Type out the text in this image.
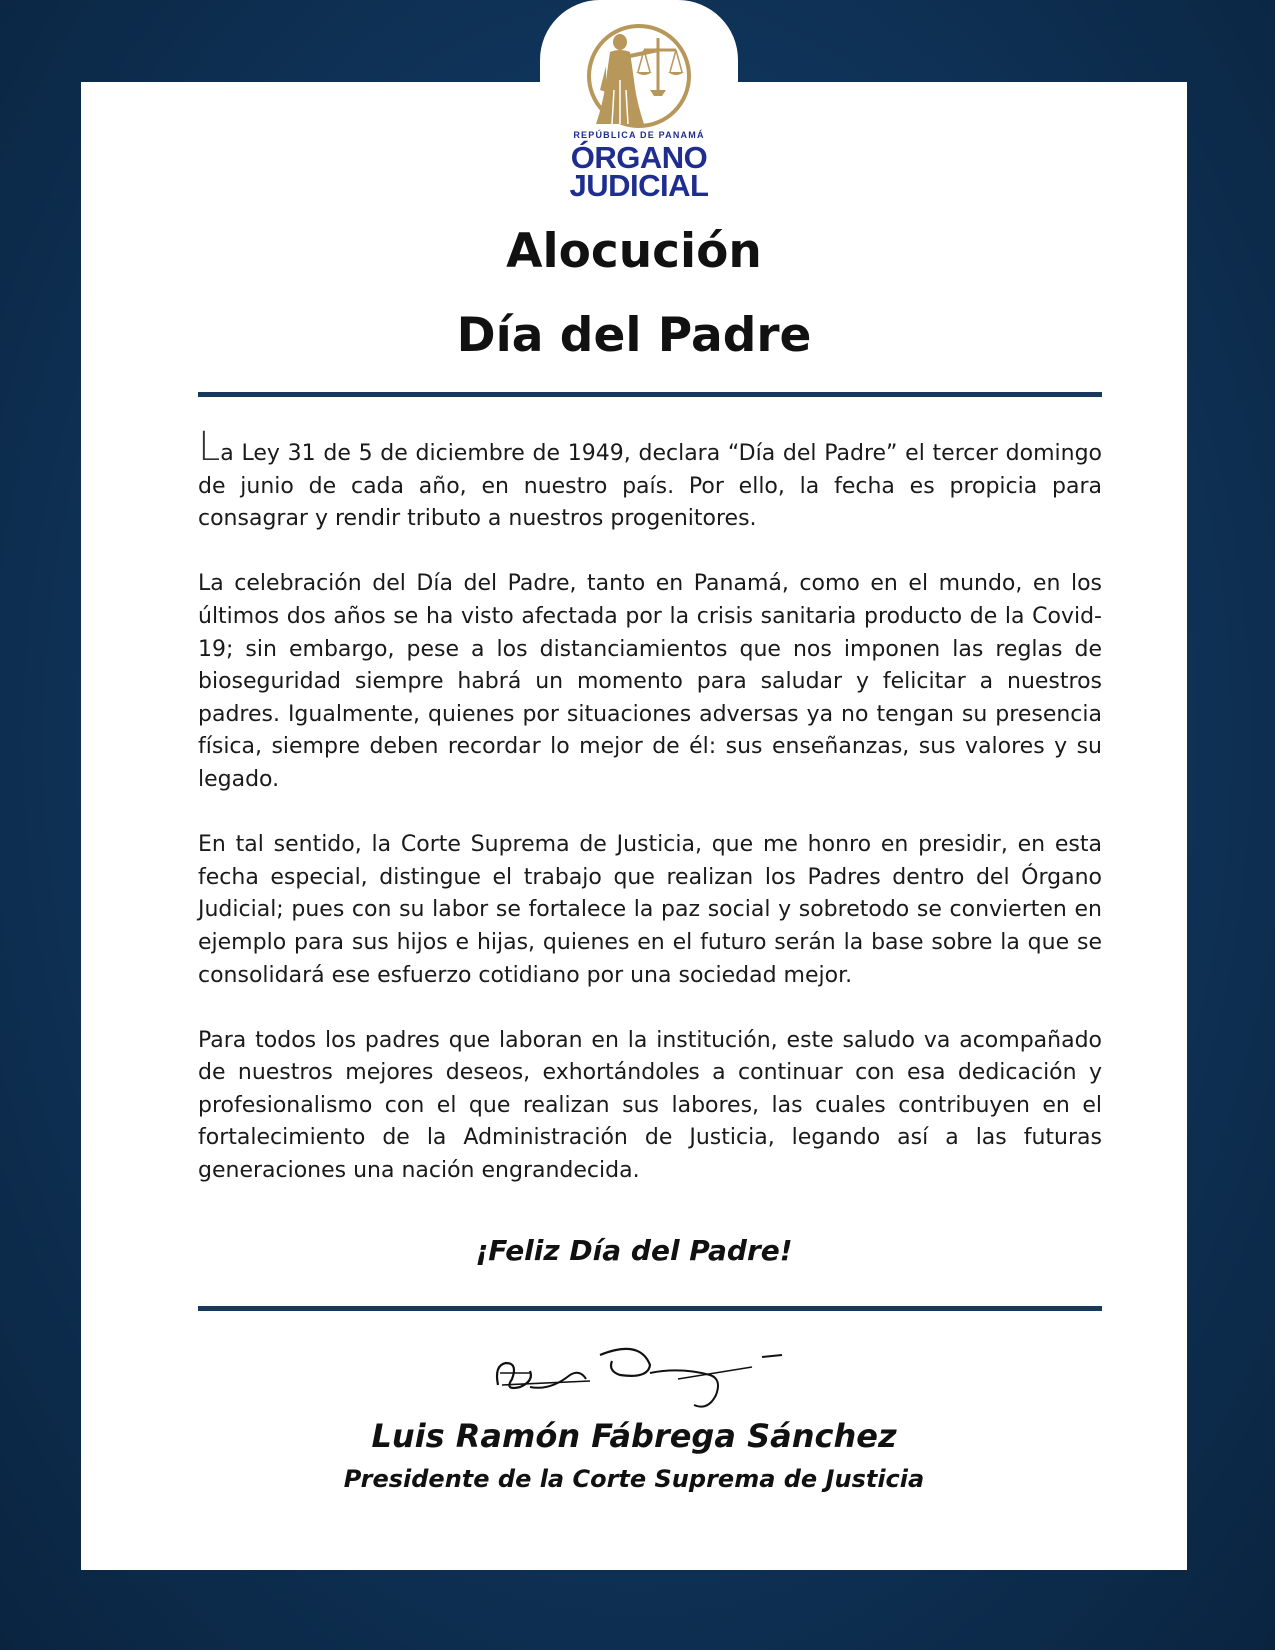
REPÚBLICA DE PANAMÁ
ÓRGANO
JUDICIAL
Alocución
Día del Padre

La Ley 31 de 5 de diciembre de 1949, declara “Día del Padre” el tercer domingo de junio de cada año, en nuestro país. Por ello, la fecha es propicia para consagrar y rendir tributo a nuestros progenitores.

La celebración del Día del Padre, tanto en Panamá, como en el mundo, en los últimos dos años se ha visto afectada por la crisis sanitaria producto de la Covid-19; sin embargo, pese a los distanciamientos que nos imponen las reglas de bioseguridad siempre habrá un momento para saludar y felicitar a nuestros padres. Igualmente, quienes por situaciones adversas ya no tengan su presencia física, siempre deben recordar lo mejor de él: sus enseñanzas, sus valores y su legado.

En tal sentido, la Corte Suprema de Justicia, que me honro en presidir, en esta fecha especial, distingue el trabajo que realizan los Padres dentro del Órgano Judicial; pues con su labor se fortalece la paz social y sobretodo se convierten en ejemplo para sus hijos e hijas, quienes en el futuro serán la base sobre la que se consolidará ese esfuerzo cotidiano por una sociedad mejor.

Para todos los padres que laboran en la institución, este saludo va acompañado de nuestros mejores deseos, exhortándoles a continuar con esa dedicación y profesionalismo con el que realizan sus labores, las cuales contribuyen en el fortalecimiento de la Administración de Justicia, legando así a las futuras generaciones una nación engrandecida.

¡Feliz Día del Padre!

Luis Ramón Fábrega Sánchez

Presidente de la Corte Suprema de Justicia
